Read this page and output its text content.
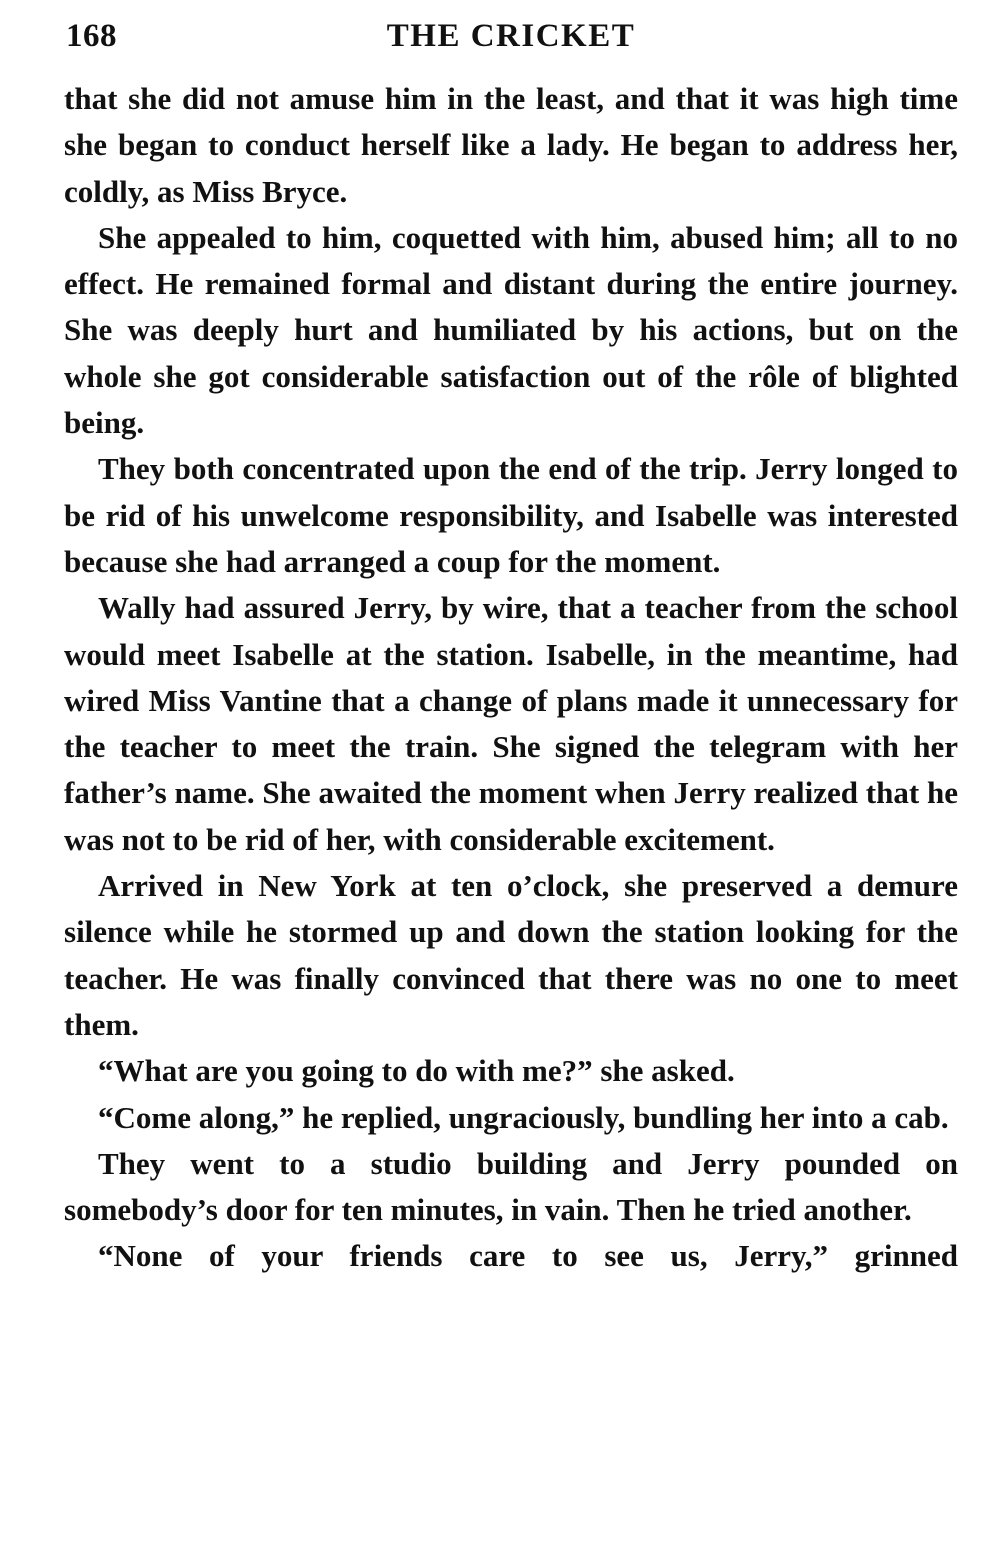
168	THE CRICKET

that she did not amuse him in the least, and that it was high time she began to conduct herself like a lady. He began to address her, coldly, as Miss Bryce.

She appealed to him, coquetted with him, abused him; all to no effect. He remained formal and distant during the entire journey. She was deeply hurt and humiliated by his actions, but on the whole she got considerable satisfaction out of the rôle of blighted being.

They both concentrated upon the end of the trip. Jerry longed to be rid of his unwelcome responsibility, and Isabelle was interested because she had arranged a coup for the moment.

Wally had assured Jerry, by wire, that a teacher from the school would meet Isabelle at the station. Isabelle, in the meantime, had wired Miss Vantine that a change of plans made it unnecessary for the teacher to meet the train. She signed the telegram with her father’s name. She awaited the moment when Jerry realized that he was not to be rid of her, with considerable excitement.

Arrived in New York at ten o’clock, she preserved a demure silence while he stormed up and down the station looking for the teacher. He was finally convinced that there was no one to meet them.

“What are you going to do with me?” she asked.

“Come along,” he replied, ungraciously, bundling her into a cab.

They went to a studio building and Jerry pounded on somebody’s door for ten minutes, in vain. Then he tried another.

“None of your friends care to see us, Jerry,” grinned
